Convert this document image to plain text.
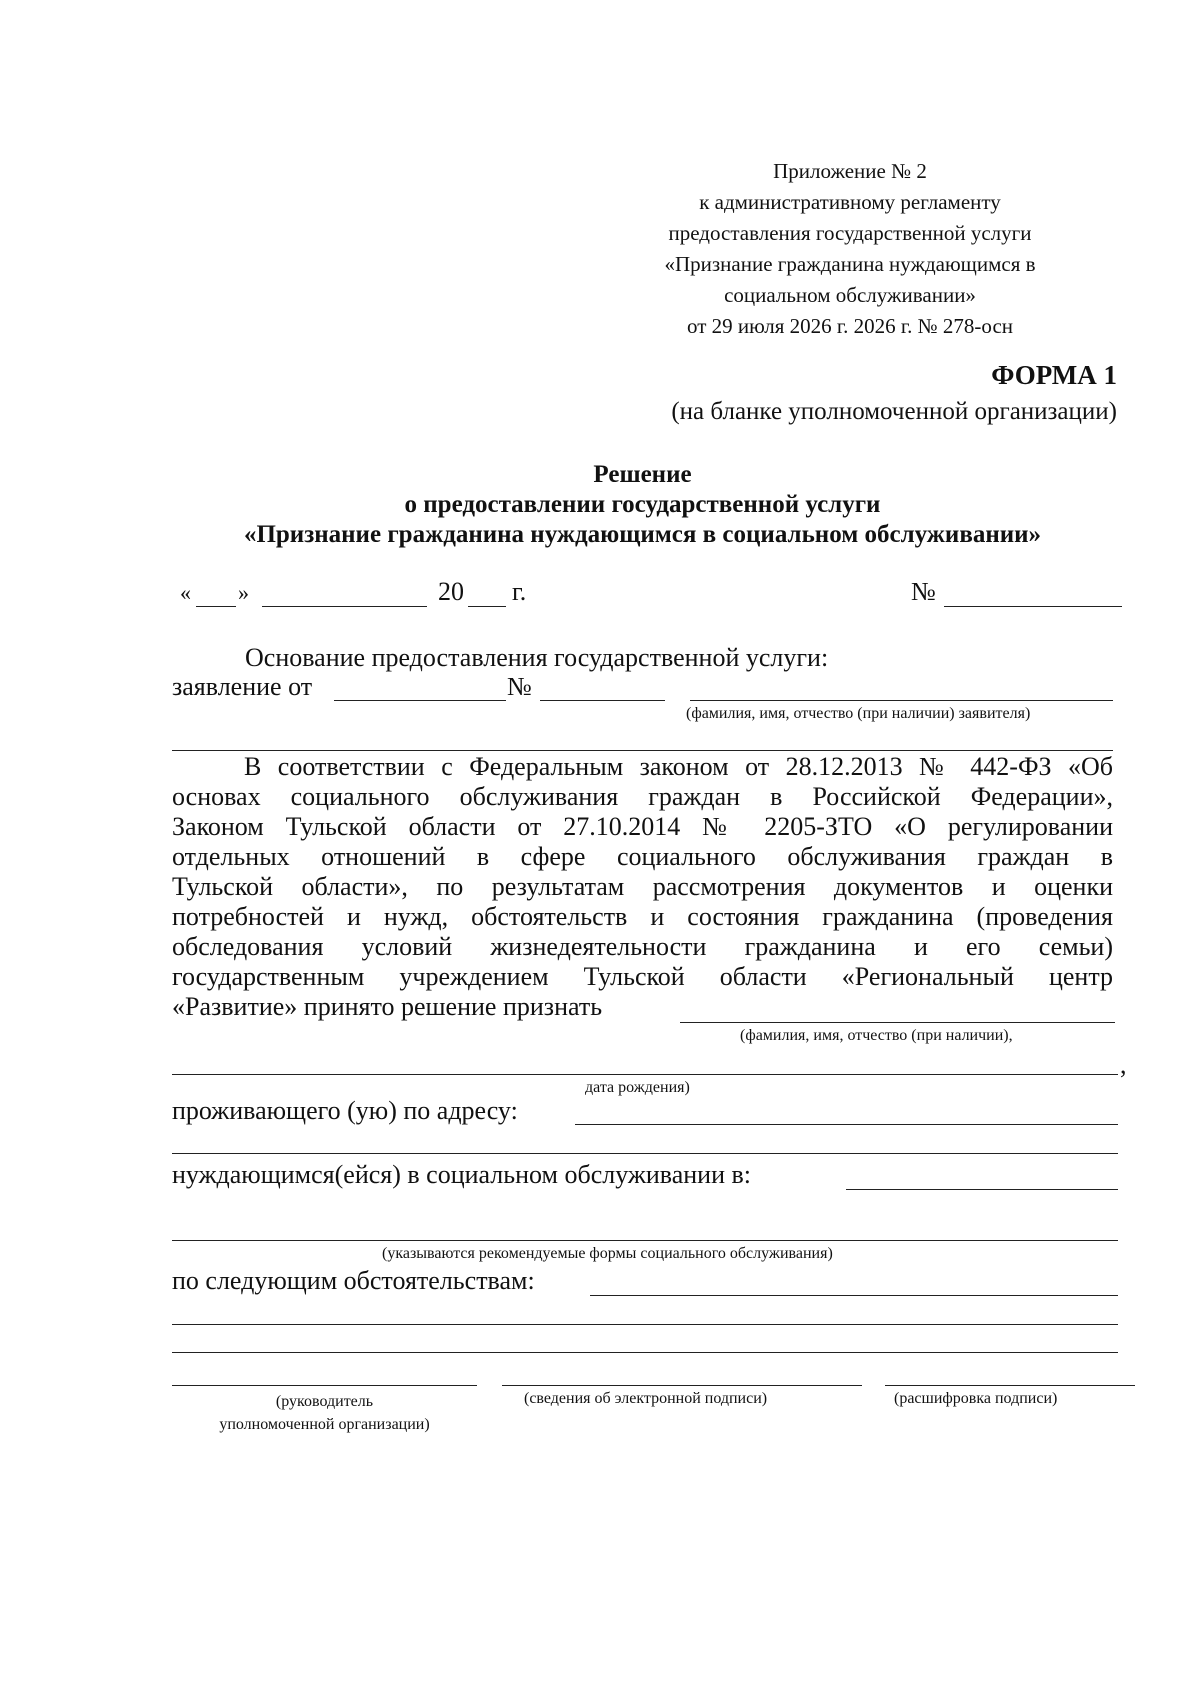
Приложение № 2
к административному регламенту
предоставления государственной услуги
«Признание гражданина нуждающимся в
социальном обслуживании»
от 29 июля 2026 г. 2026 г. № 278-осн
ФОРМА 1
(на бланке уполномоченной организации)
Решение
о предоставлении государственной услуги
«Признание гражданина нуждающимся в социальном обслуживании»
« »	20 г.	№
Основание предоставления государственной услуги:
заявление от	№
(фамилия, имя, отчество (при наличии) заявителя)
В соответствии с Федеральным законом от 28.12.2013 № 442-ФЗ «Об
основах социального обслуживания граждан в Российской Федерации»,
Законом Тульской области от 27.10.2014 № 2205-ЗТО «О регулировании
отдельных отношений в сфере социального обслуживания граждан в
Тульской области», по результатам рассмотрения документов и оценки
потребностей и нужд, обстоятельств и состояния гражданина (проведения
обследования условий жизнедеятельности гражданина и его семьи)
государственным учреждением Тульской области «Региональный центр
«Развитие» принято решение признать
(фамилия, имя, отчество (при наличии),
,
дата рождения)
проживающего (ую) по адресу:
нуждающимся(ейся) в социальном обслуживании в:
(указываются рекомендуемые формы социального обслуживания)
по следующим обстоятельствам:
(руководитель
уполномоченной организации)
(сведения об электронной подписи)	(расшифровка подписи)
